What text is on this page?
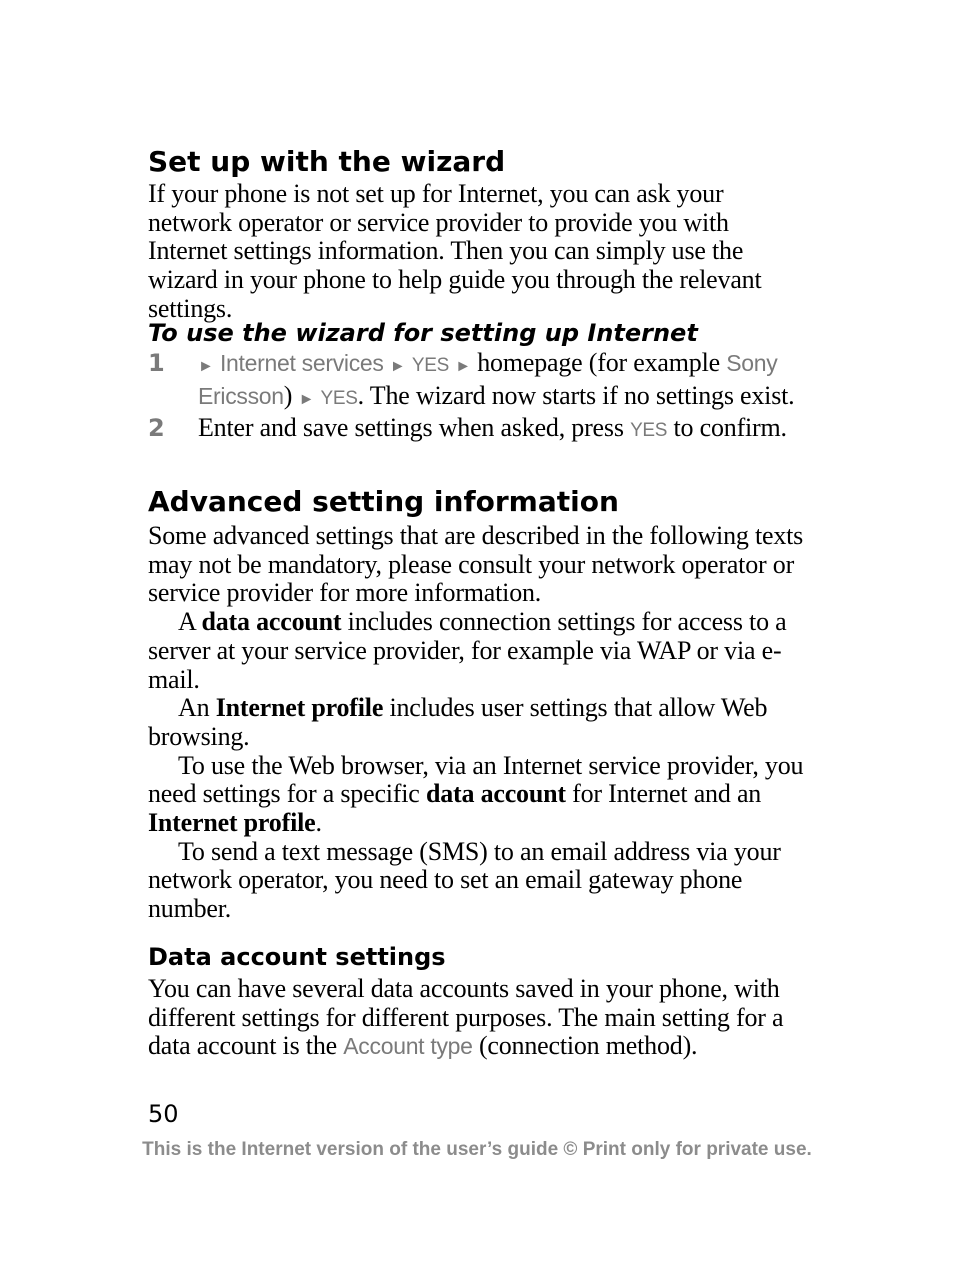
Set up with the wizard

If your phone is not set up for Internet, you can ask your network operator or service provider to provide you with Internet settings information. Then you can simply use the wizard in your phone to help guide you through the relevant settings.

To use the wizard for setting up Internet
1 ► Internet services ► YES ► homepage (for example Sony Ericsson) ► YES. The wizard now starts if no settings exist.
2 Enter and save settings when asked, press YES to confirm.
Advanced setting information

Some advanced settings that are described in the following texts may not be mandatory, please consult your network operator or service provider for more information.

A data account includes connection settings for access to a server at your service provider, for example via WAP or via e-mail.

An Internet profile includes user settings that allow Web browsing.

To use the Web browser, via an Internet service provider, you need settings for a specific data account for Internet and an Internet profile.

To send a text message (SMS) to an email address via your network operator, you need to set an email gateway phone number.

Data account settings

You can have several data accounts saved in your phone, with different settings for different purposes. The main setting for a data account is the Account type (connection method).

50
This is the Internet version of the user’s guide © Print only for private use.
